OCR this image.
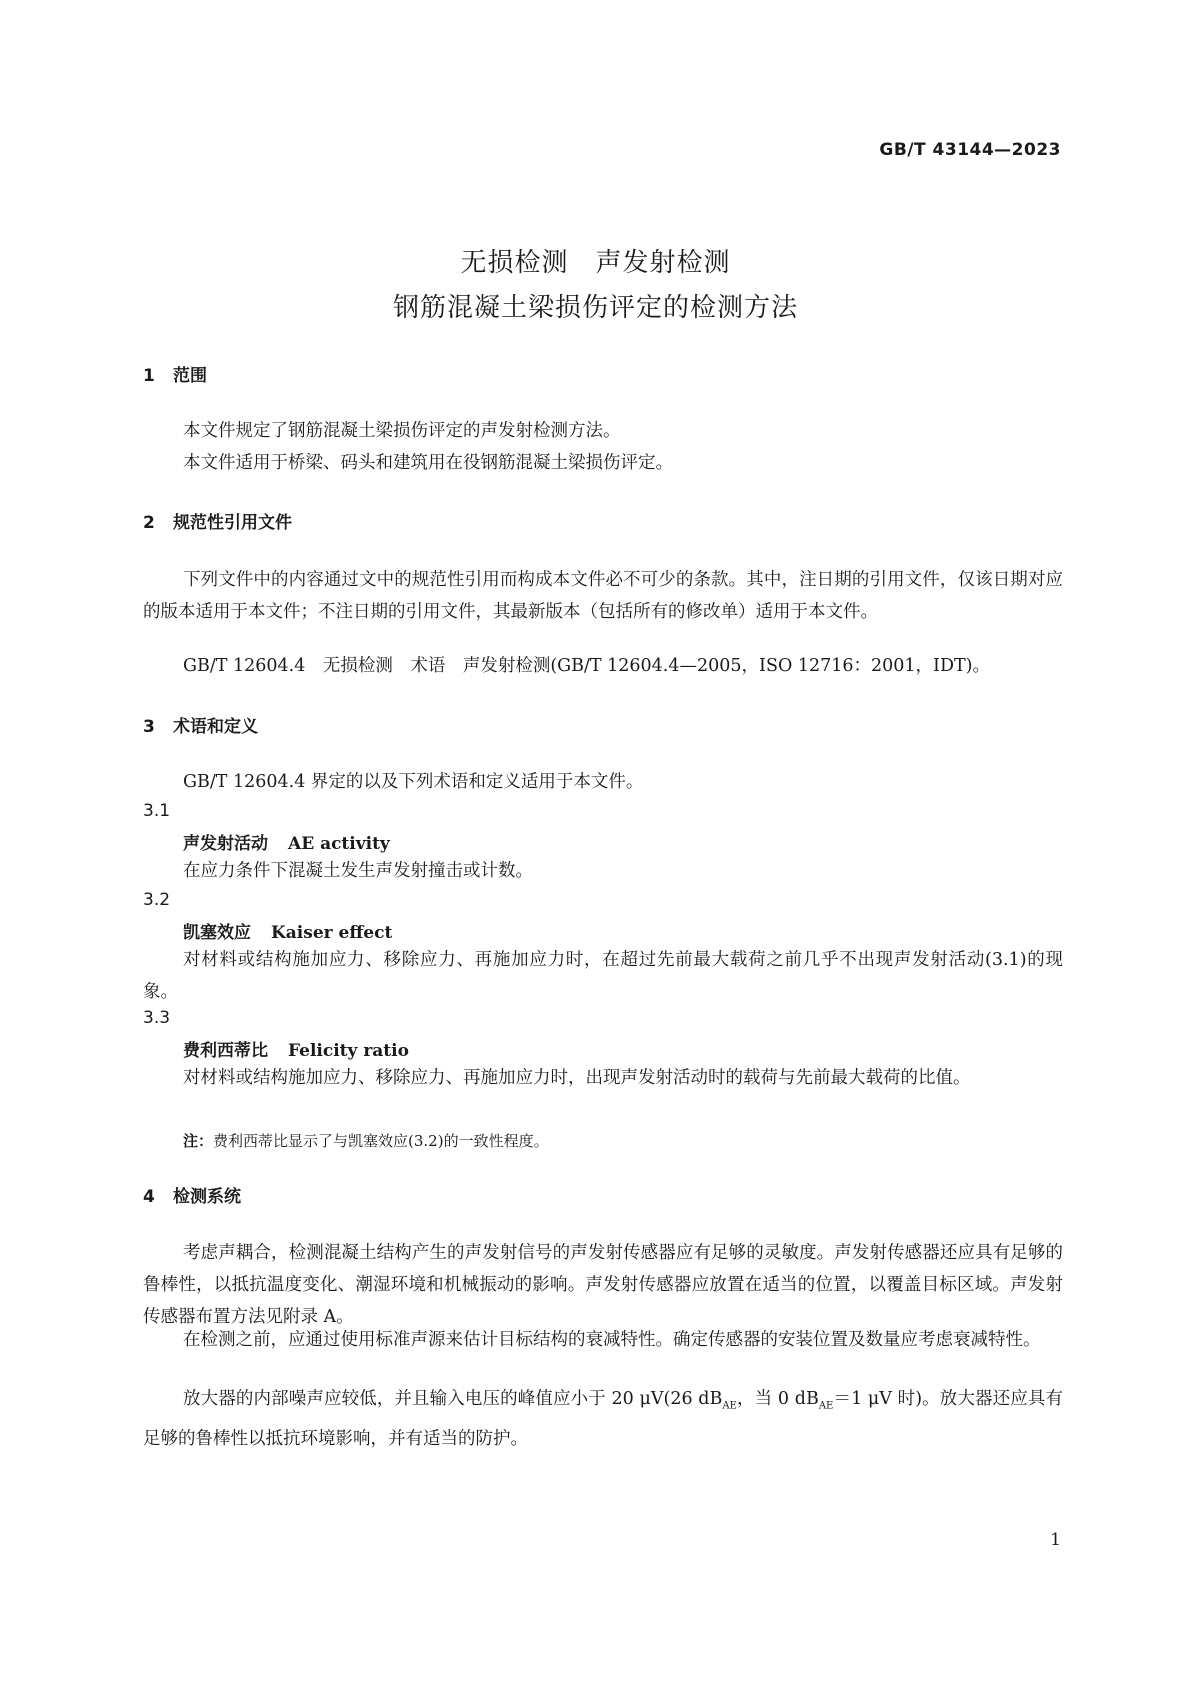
GB/T 43144—2023
无损检测　声发射检测
钢筋混凝土梁损伤评定的检测方法
1 范围
本文件规定了钢筋混凝土梁损伤评定的声发射检测方法。
本文件适用于桥梁、码头和建筑用在役钢筋混凝土梁损伤评定。
2 规范性引用文件
下列文件中的内容通过文中的规范性引用而构成本文件必不可少的条款。其中，注日期的引用文件，仅该日期对应的版本适用于本文件；不注日期的引用文件，其最新版本（包括所有的修改单）适用于本文件。
GB/T 12604.4　无损检测　术语　声发射检测(GB/T 12604.4—2005，ISO 12716：2001，IDT)。
3 术语和定义
GB/T 12604.4 界定的以及下列术语和定义适用于本文件。
3.1
声发射活动 AE activity
在应力条件下混凝土发生声发射撞击或计数。
3.2
凯塞效应 Kaiser effect
对材料或结构施加应力、移除应力、再施加应力时，在超过先前最大载荷之前几乎不出现声发射活动(3.1)的现象。
3.3
费利西蒂比 Felicity ratio
对材料或结构施加应力、移除应力、再施加应力时，出现声发射活动时的载荷与先前最大载荷的比值。
注：费利西蒂比显示了与凯塞效应(3.2)的一致性程度。
4 检测系统
考虑声耦合，检测混凝土结构产生的声发射信号的声发射传感器应有足够的灵敏度。声发射传感器还应具有足够的鲁棒性，以抵抗温度变化、潮湿环境和机械振动的影响。声发射传感器应放置在适当的位置，以覆盖目标区域。声发射传感器布置方法见附录 A。
在检测之前，应通过使用标准声源来估计目标结构的衰减特性。确定传感器的安装位置及数量应考虑衰减特性。
放大器的内部噪声应较低，并且输入电压的峰值应小于 20 μV(26 $dB_{AE}$，当 0 $dB_{AE}=1$ μV 时)。放大器还应具有足够的鲁棒性以抵抗环境影响，并有适当的防护。
1
